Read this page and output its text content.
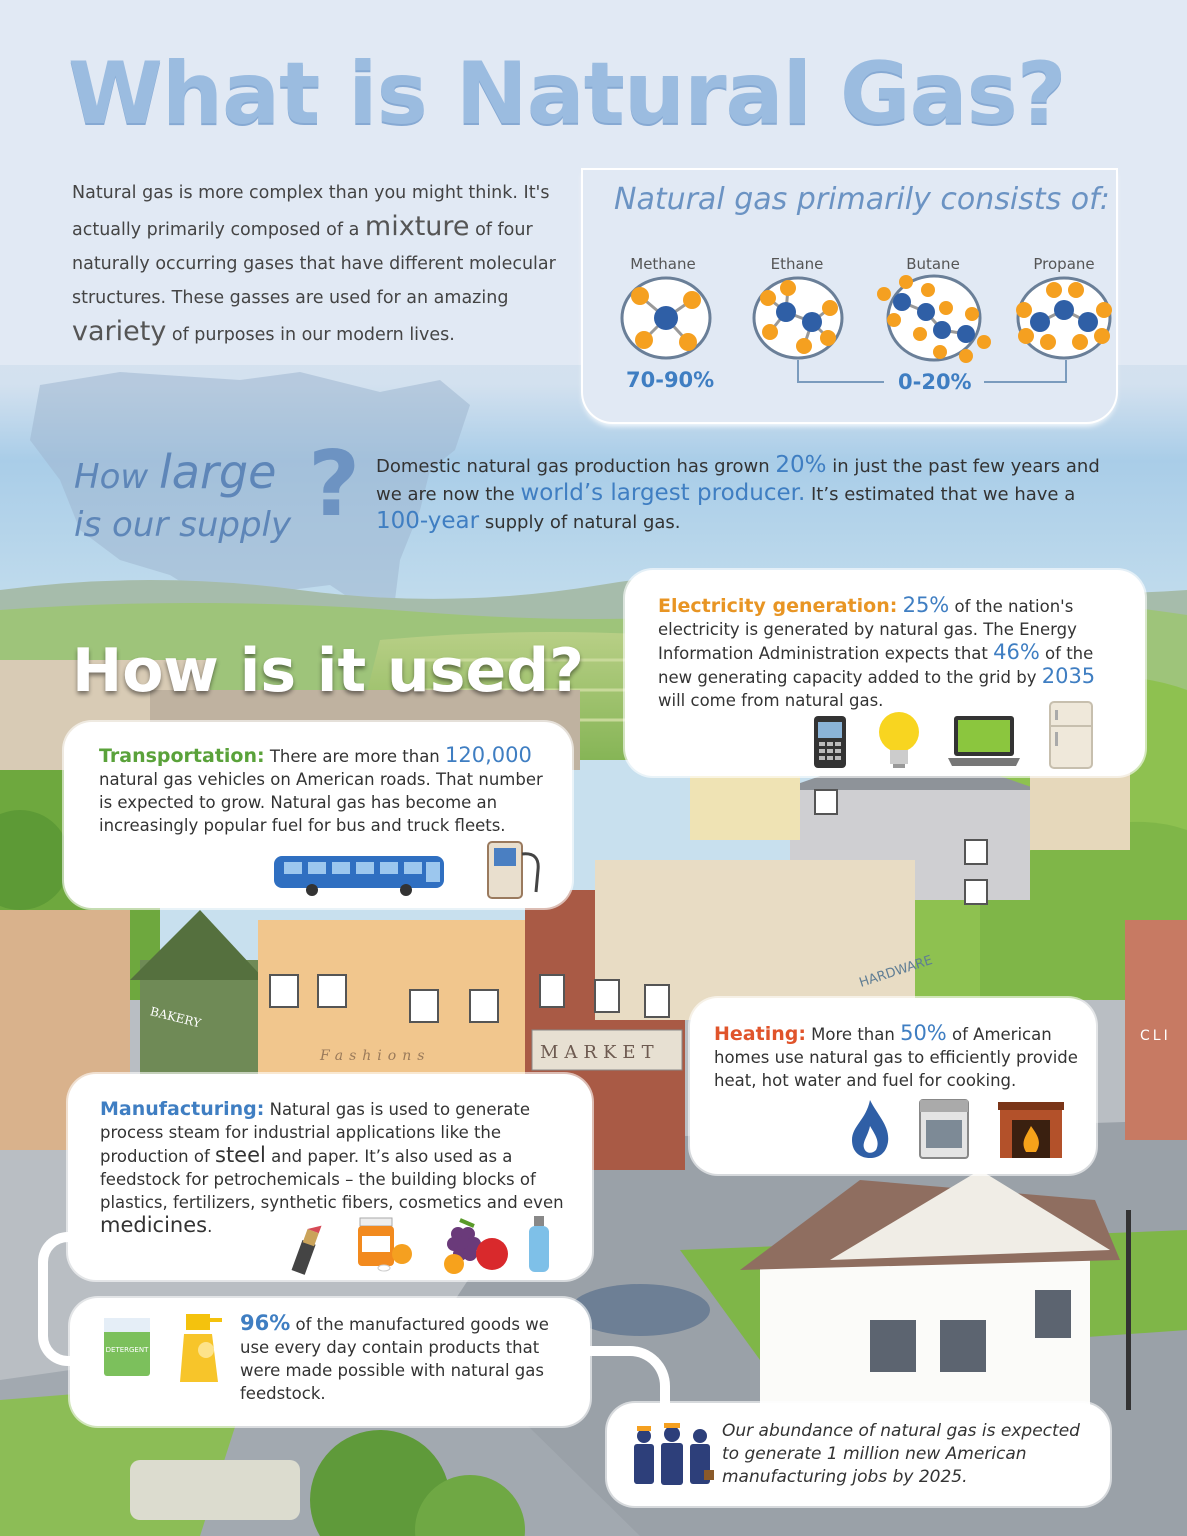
BAKERY
Fashions	MARKET
HARDWARE
CLI
What is Natural Gas?
Natural gas is more complex than you might think. It's actually primarily composed of a mixture of four naturally occurring gases that have different molecular structures. These gasses are used for an amazing variety of purposes in our modern lives.
Natural gas primarily consists of:
Methane	Ethane	Butane	Propane
70-90%	0-20%
How large
is our supply ? Domestic natural gas production has grown 20% in just the past few years and we are now the world’s largest producer. It’s estimated that we have a 100-year supply of natural gas.
How is it used?
Electricity generation: 25% of the nation's electricity is generated by natural gas. The Energy Information Administration expects that 46% of the new generating capacity added to the grid by 2035 will come from natural gas.
Transportation: There are more than 120,000 natural gas vehicles on American roads. That number is expected to grow. Natural gas has become an increasingly popular fuel for bus and truck fleets.
Heating: More than 50% of American homes use natural gas to efficiently provide heat, hot water and fuel for cooking.
Manufacturing: Natural gas is used to generate process steam for industrial applications like the production of steel and paper. It’s also used as a feedstock for petrochemicals – the building blocks of plastics, fertilizers, synthetic fibers, cosmetics and even medicines.
DETERGENT
96% of the manufactured goods we use every day contain products that were made possible with natural gas feedstock.
Our abundance of natural gas is expected to generate 1 million new American manufacturing jobs by 2025.
